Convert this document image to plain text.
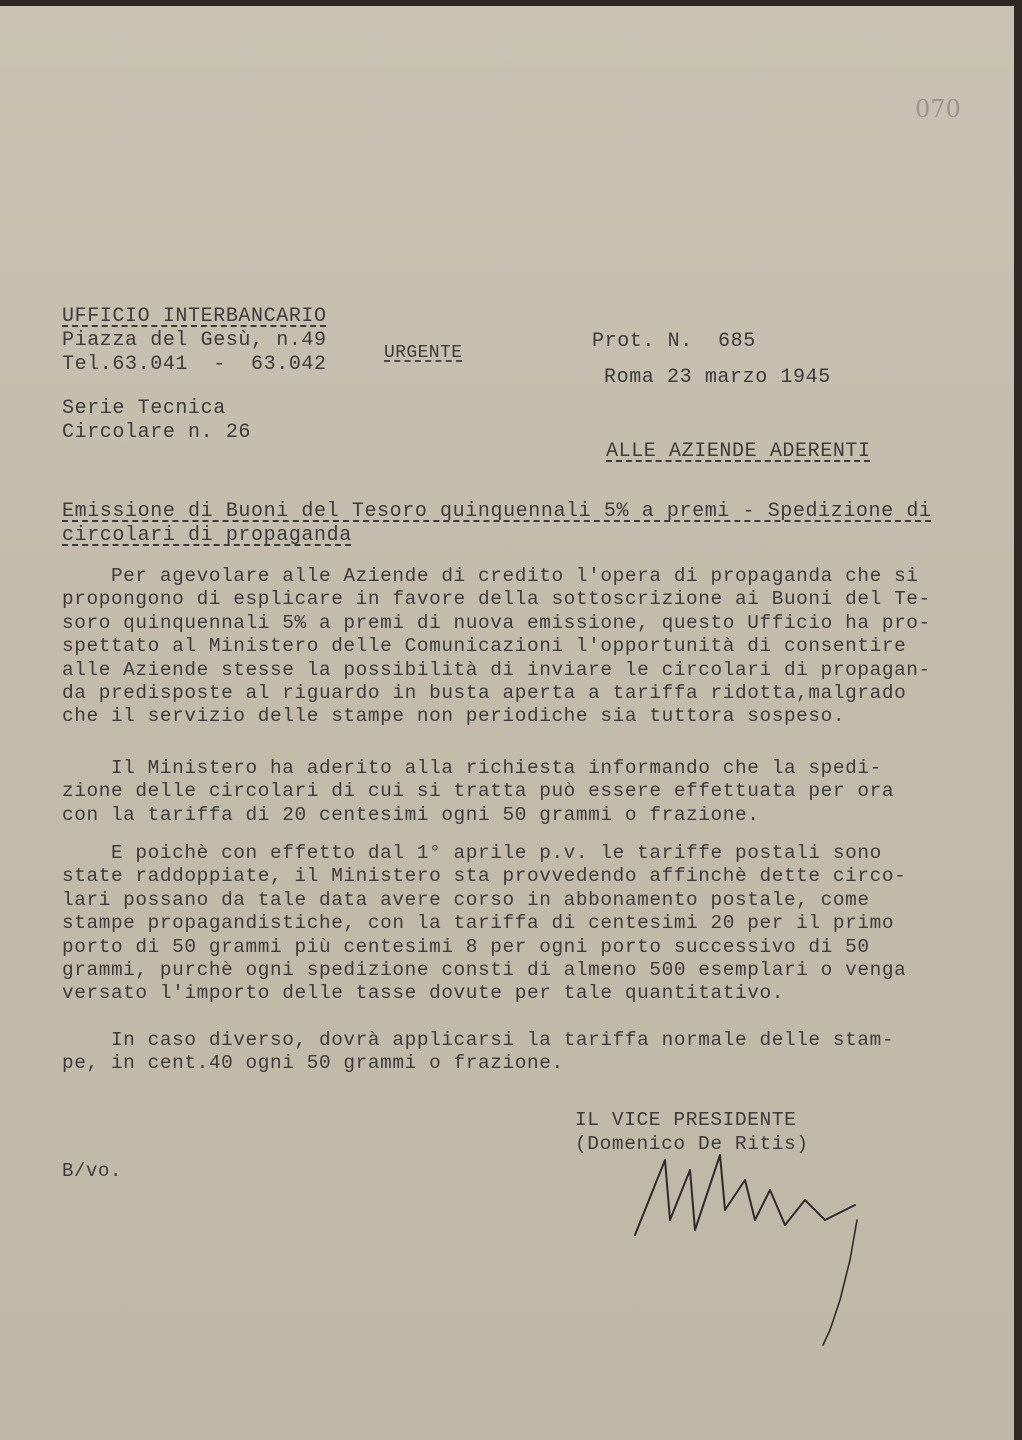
070
UFFICIO INTERBANCARIO
Piazza del Gesù, n.49
Tel.63.041  -  63.042
Serie Tecnica
Circolare n. 26
URGENTE	Prot. N.  685
Roma 23 marzo 1945
ALLE AZIENDE ADERENTI
Emissione di Buoni del Tesoro quinquennali 5% a premi - Spedizione di
circolari di propaganda
Per agevolare alle Aziende di credito l'opera di propaganda che si
propongono di esplicare in favore della sottoscrizione ai Buoni del Te-
soro quinquennali 5% a premi di nuova emissione, questo Ufficio ha pro-
spettato al Ministero delle Comunicazioni l'opportunità di consentire
alle Aziende stesse la possibilità di inviare le circolari di propagan-
da predisposte al riguardo in busta aperta a tariffa ridotta,malgrado
che il servizio delle stampe non periodiche sia tuttora sospeso.
Il Ministero ha aderito alla richiesta informando che la spedi-
zione delle circolari di cui si tratta può essere effettuata per ora
con la tariffa di 20 centesimi ogni 50 grammi o frazione.
E poichè con effetto dal 1° aprile p.v. le tariffe postali sono
state raddoppiate, il Ministero sta provvedendo affinchè dette circo-
lari possano da tale data avere corso in abbonamento postale, come
stampe propagandistiche, con la tariffa di centesimi 20 per il primo
porto di 50 grammi più centesimi 8 per ogni porto successivo di 50
grammi, purchè ogni spedizione consti di almeno 500 esemplari o venga
versato l'importo delle tasse dovute per tale quantitativo.
In caso diverso, dovrà applicarsi la tariffa normale delle stam-
pe, in cent.40 ogni 50 grammi o frazione.
IL VICE PRESIDENTE
(Domenico De Ritis)
B/vo.
